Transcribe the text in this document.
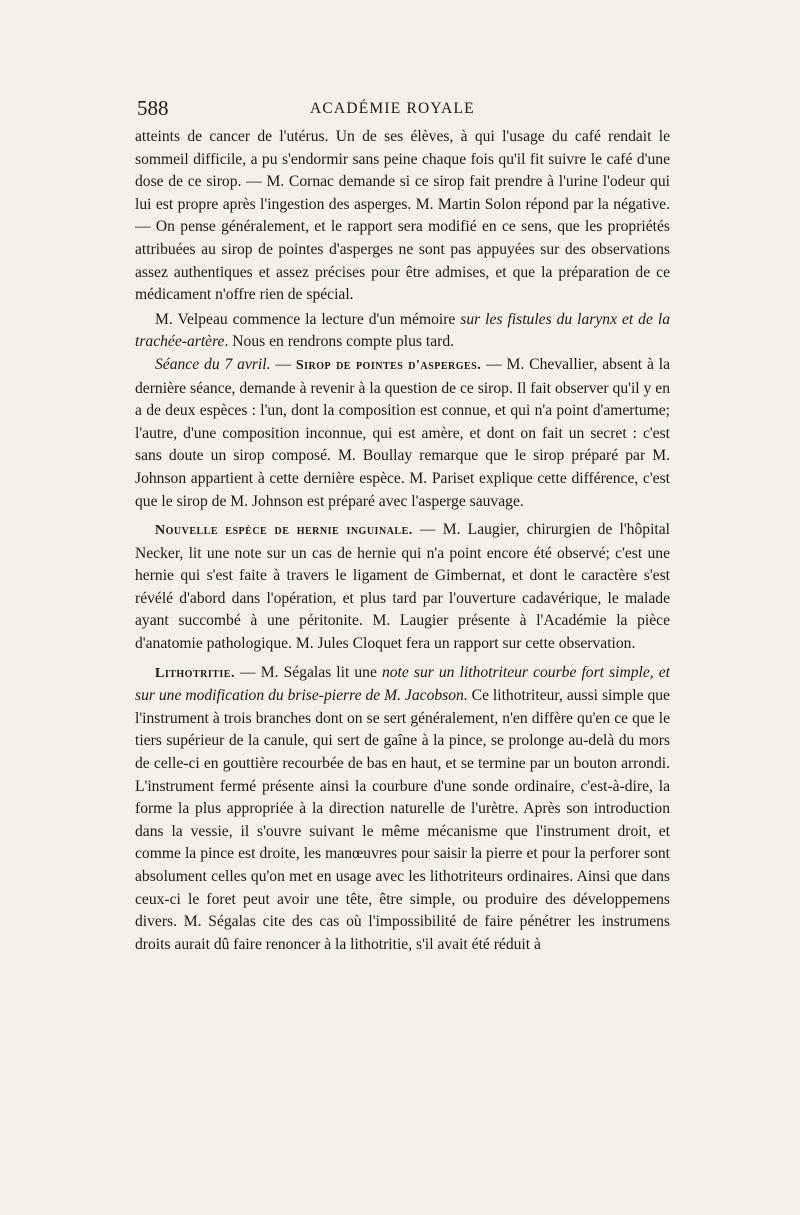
588	ACADÉMIE ROYALE

atteints de cancer de l'utérus. Un de ses élèves, à qui l'usage du café rendait le sommeil difficile, a pu s'endormir sans peine chaque fois qu'il fit suivre le café d'une dose de ce sirop. — M. Cornac demande si ce sirop fait prendre à l'urine l'odeur qui lui est propre après l'ingestion des asperges. M. Martin Solon répond par la négative. — On pense généralement, et le rapport sera modifié en ce sens, que les propriétés attribuées au sirop de pointes d'asperges ne sont pas appuyées sur des observations assez authentiques et assez précises pour être admises, et que la préparation de ce médicament n'offre rien de spécial.

M. Velpeau commence la lecture d'un mémoire sur les fistules du larynx et de la trachée-artère. Nous en rendrons compte plus tard.

Séance du 7 avril. — Sirop de pointes d'asperges. — M. Chevallier, absent à la dernière séance, demande à revenir à la question de ce sirop. Il fait observer qu'il y en a de deux espèces : l'un, dont la composition est connue, et qui n'a point d'amertume; l'autre, d'une composition inconnue, qui est amère, et dont on fait un secret : c'est sans doute un sirop composé. M. Boullay remarque que le sirop préparé par M. Johnson appartient à cette dernière espèce. M. Pariset explique cette différence, c'est que le sirop de M. Johnson est préparé avec l'asperge sauvage.

Nouvelle espèce de hernie inguinale. — M. Laugier, chirurgien de l'hôpital Necker, lit une note sur un cas de hernie qui n'a point encore été observé; c'est une hernie qui s'est faite à travers le ligament de Gimbernat, et dont le caractère s'est révélé d'abord dans l'opération, et plus tard par l'ouverture cadavérique, le malade ayant succombé à une péritonite. M. Laugier présente à l'Académie la pièce d'anatomie pathologique. M. Jules Cloquet fera un rapport sur cette observation.

Lithotritie. — M. Ségalas lit une note sur un lithotriteur courbe fort simple, et sur une modification du brise-pierre de M. Jacobson. Ce lithotriteur, aussi simple que l'instrument à trois branches dont on se sert généralement, n'en diffère qu'en ce que le tiers supérieur de la canule, qui sert de gaîne à la pince, se prolonge au-delà du mors de celle-ci en gouttière recourbée de bas en haut, et se termine par un bouton arrondi. L'instrument fermé présente ainsi la courbure d'une sonde ordinaire, c'est-à-dire, la forme la plus appropriée à la direction naturelle de l'urètre. Après son introduction dans la vessie, il s'ouvre suivant le même mécanisme que l'instrument droit, et comme la pince est droite, les manœuvres pour saisir la pierre et pour la perforer sont absolument celles qu'on met en usage avec les lithotriteurs ordinaires. Ainsi que dans ceux-ci le foret peut avoir une tête, être simple, ou produire des développemens divers. M. Ségalas cite des cas où l'impossibilité de faire pénétrer les instrumens droits aurait dû faire renoncer à la lithotritie, s'il avait été réduit à
